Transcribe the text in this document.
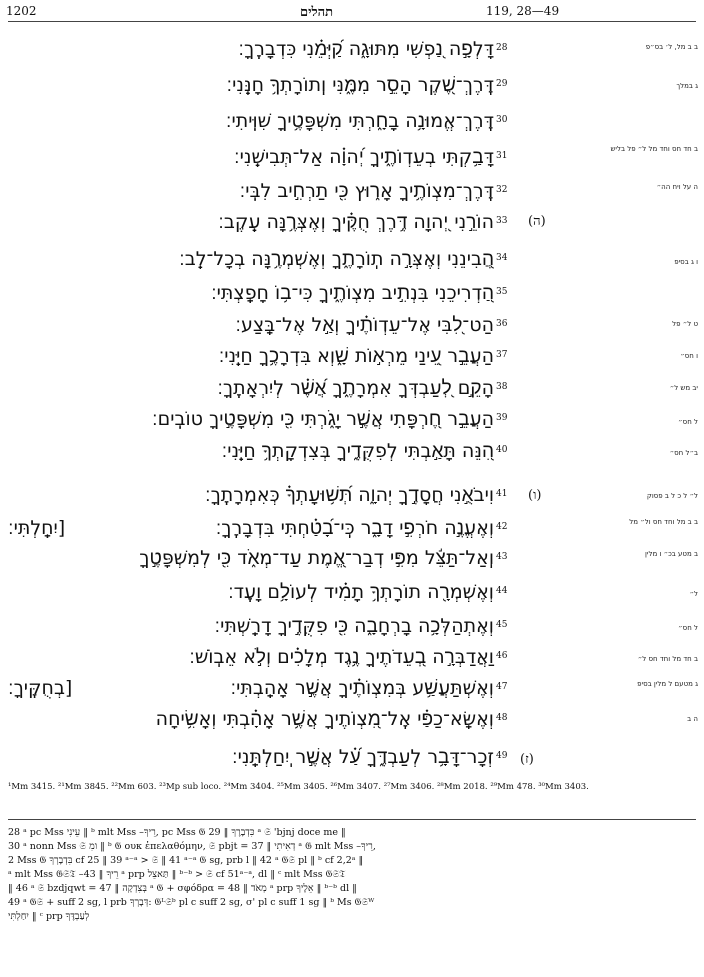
1202	תהלים	119, 28—49
דָּלְפָ֣ה נַ֭פְשִׁי מִתּוּגָ֑ה קַ֝יְּמֵ֗נִי כִּדְבָרֶֽךָ׃ 28
דֶּֽרֶךְ־שֶׁ֭קֶר הָסֵ֣ר מִמֶּ֑נִּי וְֽתוֹרָתְךָ֥ חָנֵּֽנִי׃ 29
דֶּֽרֶךְ־אֱמוּנָ֥ה בָחָ֑רְתִּי מִשְׁפָּטֶ֥יךָ שִׁוִּֽיתִי׃ 30
דָּבַ֥קְתִּי בְעֵדְוֹתֶ֑יךָ יְ֝הוָ֗ה אַל־תְּבִישֵֽׁנִי׃ 31
דֶּֽרֶךְ־מִצְוֺתֶ֥יךָ אָר֑וּץ כִּ֖י תַרְחִ֣יב לִבִּֽי׃ 32
(ה)
הוֹרֵ֣נִי יְ֭הוָה דֶּ֥רֶךְ חֻקֶּ֗יךָ וְאֶצְּרֶ֥נָּה עֵֽקֶב׃ 33
הֲ֭בִינֵנִי וְאֶצְּרָ֣ה תֽוֹרָתֶ֑ךָ וְאֶשְׁמְרֶ֥נָּה בְכָל־לֵֽב׃ 34
הַ֭דְרִיכֵנִי בִּנְתִ֣יב מִצְוֺתֶ֑יךָ כִּי־ב֥וֹ חָפָֽצְתִּי׃ 35
הַט־לִ֭בִּי אֶל־עֵדְוֹתֶ֗יךָ וְאַ֣ל אֶל־בָּֽצַע׃ 36
הַעֲבֵ֣ר עֵ֭ינַי מֵרְא֣וֹת שָׁ֑וְא בִּדְרָכֶ֥ךָ חַיֵּֽנִי׃ 37
הָקֵ֣ם לְ֭עַבְדְּךָ אִמְרָתֶ֑ךָ אֲ֝שֶׁ֗ר לְיִרְאָתֶֽךָ׃ 38
הַעֲבֵ֣ר חֶ֭רְפָּתִי אֲשֶׁ֣ר יָגֹ֑רְתִּי כִּ֖י מִשְׁפָּטֶ֣יךָ טוֹבִֽים׃ 39
הִ֭נֵּה תָּאַ֣בְתִּי לְפִקֻּדֶ֑יךָ בְּצִדְקָתְךָ֥ חַיֵּֽנִי׃ 40
(ו)
וִיבֹאֻ֣נִי חֲסָדֶ֣ךָ יְהוָ֑ה תְּ֝שׁ֥וּעָתְךָ֗ כְּאִמְרָתֶֽךָ׃ 41
וְאֶעֱנֶ֣ה חֹרְפִ֣י דָבָ֑ר כִּֽי־בָ֝טַ֗חְתִּי בִּדְבָרֶֽךָ׃ 42
[יִחָֽלְתִּי׃
וְֽאַל־תַּצֵּ֬ל מִפִּ֣י דְבַר־אֱ֭מֶת עַד־מְאֹ֑ד כִּ֖י לְמִשְׁפָּטֶ֣ךָ 43
וְאֶשְׁמְרָ֖ה תוֹרָתְךָ֥ תָמִ֗יד לְעוֹלָ֥ם וָעֶֽד׃ 44
וְאֶתְהַלְּכָ֥ה בָרְחָבָ֑ה כִּ֖י פִקֻּדֶ֣יךָ דָרָֽשְׁתִּי׃ 45
וַאֲדַבְּרָ֣ה בְ֭עֵדֹתֶיךָ נֶ֥גֶד מְלָכִ֗ים וְלֹ֣א אֵבֽוֹשׁ׃ 46
וְאֶשְׁתַּעֲשַׁ֥ע בְּמִצְוֺתֶ֗יךָ אֲשֶׁ֣ר אָהָֽבְתִּי׃ 47
[בְחֻקֶּֽיךָ׃
וְאֶשָּֽׂא־כַפַּ֗י אֶֽל־מִ֭צְוֺתֶיךָ אֲשֶׁ֥ר אָהָ֗בְתִּי וְאָשִׂ֥יחָה 48
(ז)
זְכָר־דָּבָ֥ר לְעַבְדֶּ֑ךָ עַ֝֗ל אֲשֶׁ֣ר יִֽחַלְתָּֽנִי׃ 49
ב ב מל, ל׳ בס״פ
ג במלך
ב חד חס וחד מל ל״ פל בליש
ה על ויח הה״
ו ג בסיפ
ט ל״ פל
ו חס״
יב מש ל״
ל חס״
ב״ל חס״
ל״ ל כ ל ב פסוק
ב ב מל וחד חס ול״ מל
ב מטע בכ״ ו מלין
ל״
ל חס״
ב חד מל וחד חס ל״
ג מטעם ל מלין בסיפ
ה ב
¹Mm 3415. ²¹Mm 3845. ²²Mm 603. ²³Mp sub loco. ²⁴Mm 3404. ²⁵Mm 3405. ²⁶Mm 3407. ²⁷Mm 3406. ²⁸Mm 2018. ²⁹Mm 478. ³⁰Mm 3403.
28 ᵃ pc Mss עֵינִי ‖ ᵇ mlt Mss –רֵיךָ, pc Mss 𝔊 כִּדְבָרֶךָ ‖ 29 ᵃ 𝔖 'bjnj doce me ‖
30 ᵃ nonn Mss 𝔖 ומִ ‖ ᵇ 𝔊 ουκ ἐπελαθόμην, 𝔖 pbjt = דְאִיתִי ‖ 37 ᵃ 𝔊 mlt Mss –רֵיךָ,
2 Mss 𝔊 בִּדְבָרְךָ cf 25 ‖ 39 ᵃ⁻ᵃ > 𝔖 ‖ 41 ᵃ⁻ᵃ 𝔊 sg, prb l ‖ 42 ᵃ 𝔊𝔖 pl ‖ ᵇ cf 2,2ᵃ ‖
ᵃ mlt Mss 𝔊𝔖𝔗 –רֵיךָ ‖ 43 ᵃ prp תַּאצֵל ‖ ᵇ⁻ᵇ > 𝔖 cf 51ᵃ⁻ᵃ, dl ‖ ᶜ mlt Mss 𝔊𝔖𝔗
‖ 46 ᵃ 𝔖 bzdjqwt = בְּצִדְקָה ‖ 47 ᵃ 𝔊 + σφόδρα = מְאֹד ‖ 48 ᵃ prp אֵלֶיךָ ‖ ᵇ⁻ᵇ dl ‖
49 ᵃ 𝔊𝔖 + suff 2 sg, l prb דְּבָרְךָ: 𝔊ᴸ𝔖ᵇ pl c suff 2 sg, σ' pl c suff 1 sg ‖ ᵇ Ms 𝔊𝔖ᵂ
יִחַלְתִּי ‖ ᶜ prp לְעַבְדֶּךָ
